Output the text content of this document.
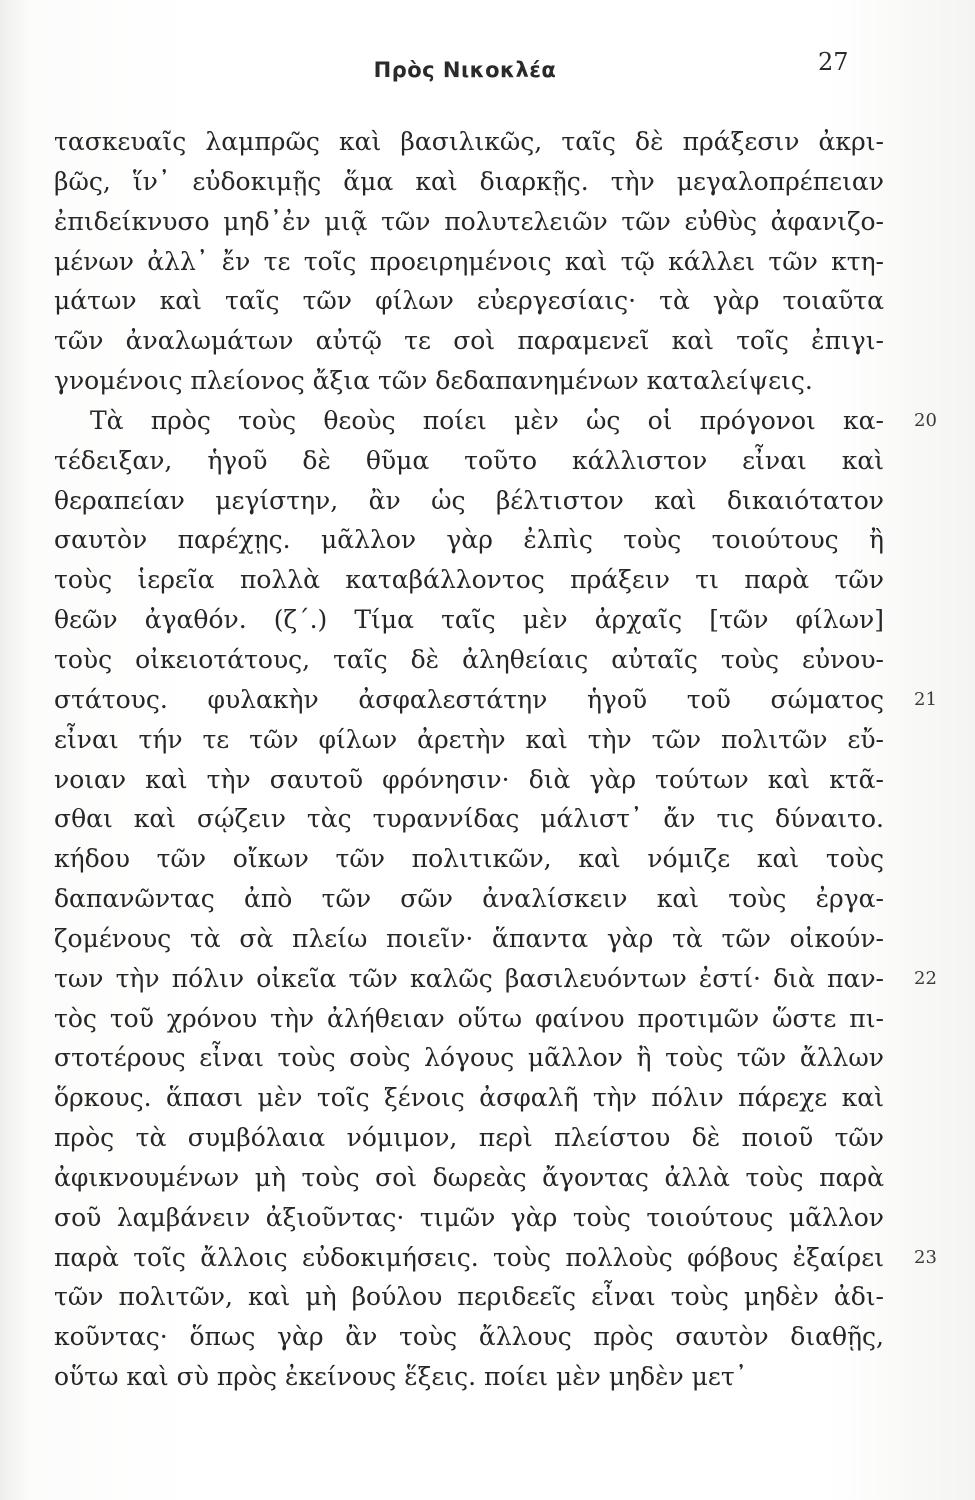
Πρὸς Νικοκλέα	27
τασκευαῖς λαμπρῶς καὶ βασιλικῶς, ταῖς δὲ πράξεσιν ἀκρι-
βῶς, ἵν᾽ εὐδοκιμῇς ἅμα καὶ διαρκῇς. τὴν μεγαλοπρέπειαν
ἐπιδείκνυσο μηδ᾽ἐν μιᾷ τῶν πολυτελειῶν τῶν εὐθὺς ἀφανιζο-
μένων ἀλλ᾽ ἔν τε τοῖς προειρημένοις καὶ τῷ κάλλει τῶν κτη-
μάτων καὶ ταῖς τῶν φίλων εὐεργεσίαις· τὰ γὰρ τοιαῦτα
τῶν ἀναλωμάτων αὐτῷ τε σοὶ παραμενεῖ καὶ τοῖς ἐπιγι-
γνομένοις πλείονος ἄξια τῶν δεδαπανημένων καταλείψεις.
Τὰ πρὸς τοὺς θεοὺς ποίει μὲν ὡς οἱ πρόγονοι κα-
τέδειξαν, ἡγοῦ δὲ θῦμα τοῦτο κάλλιστον εἶναι καὶ
θεραπείαν μεγίστην, ἂν ὡς βέλτιστον καὶ δικαιότατον
σαυτὸν παρέχῃς. μᾶλλον γὰρ ἐλπὶς τοὺς τοιούτους ἢ
τοὺς ἱερεῖα πολλὰ καταβάλλοντος πράξειν τι παρὰ τῶν
θεῶν ἀγαθόν. (ζ΄.) Τίμα ταῖς μὲν ἀρχαῖς [τῶν φίλων]
τοὺς οἰκειοτάτους, ταῖς δὲ ἀληθείαις αὐταῖς τοὺς εὐνου-
στάτους. φυλακὴν ἀσφαλεστάτην ἡγοῦ τοῦ σώματος
εἶναι τήν τε τῶν φίλων ἀρετὴν καὶ τὴν τῶν πολιτῶν εὔ-
νοιαν καὶ τὴν σαυτοῦ φρόνησιν· διὰ γὰρ τούτων καὶ κτᾶ-
σθαι καὶ σῴζειν τὰς τυραννίδας μάλιστ᾽ ἄν τις δύναιτο.
κήδου τῶν οἴκων τῶν πολιτικῶν, καὶ νόμιζε καὶ τοὺς
δαπανῶντας ἀπὸ τῶν σῶν ἀναλίσκειν καὶ τοὺς ἐργα-
ζομένους τὰ σὰ πλείω ποιεῖν· ἅπαντα γὰρ τὰ τῶν οἰκούν-
των τὴν πόλιν οἰκεῖα τῶν καλῶς βασιλευόντων ἐστί· διὰ παν-
τὸς τοῦ χρόνου τὴν ἀλήθειαν οὕτω φαίνου προτιμῶν ὥστε πι-
στοτέρους εἶναι τοὺς σοὺς λόγους μᾶλλον ἢ τοὺς τῶν ἄλλων
ὅρκους. ἅπασι μὲν τοῖς ξένοις ἀσφαλῆ τὴν πόλιν πάρεχε καὶ
πρὸς τὰ συμβόλαια νόμιμον, περὶ πλείστου δὲ ποιοῦ τῶν
ἀφικνουμένων μὴ τοὺς σοὶ δωρεὰς ἄγοντας ἀλλὰ τοὺς παρὰ
σοῦ λαμβάνειν ἀξιοῦντας· τιμῶν γὰρ τοὺς τοιούτους μᾶλλον
παρὰ τοῖς ἄλλοις εὐδοκιμήσεις. τοὺς πολλοὺς φόβους ἐξαίρει
τῶν πολιτῶν, καὶ μὴ βούλου περιδεεῖς εἶναι τοὺς μηδὲν ἀδι-
κοῦντας· ὅπως γὰρ ἂν τοὺς ἄλλους πρὸς σαυτὸν διαθῇς,
οὕτω καὶ σὺ πρὸς ἐκείνους ἕξεις. ποίει μὲν μηδὲν μετ᾽
20
21
22
23
